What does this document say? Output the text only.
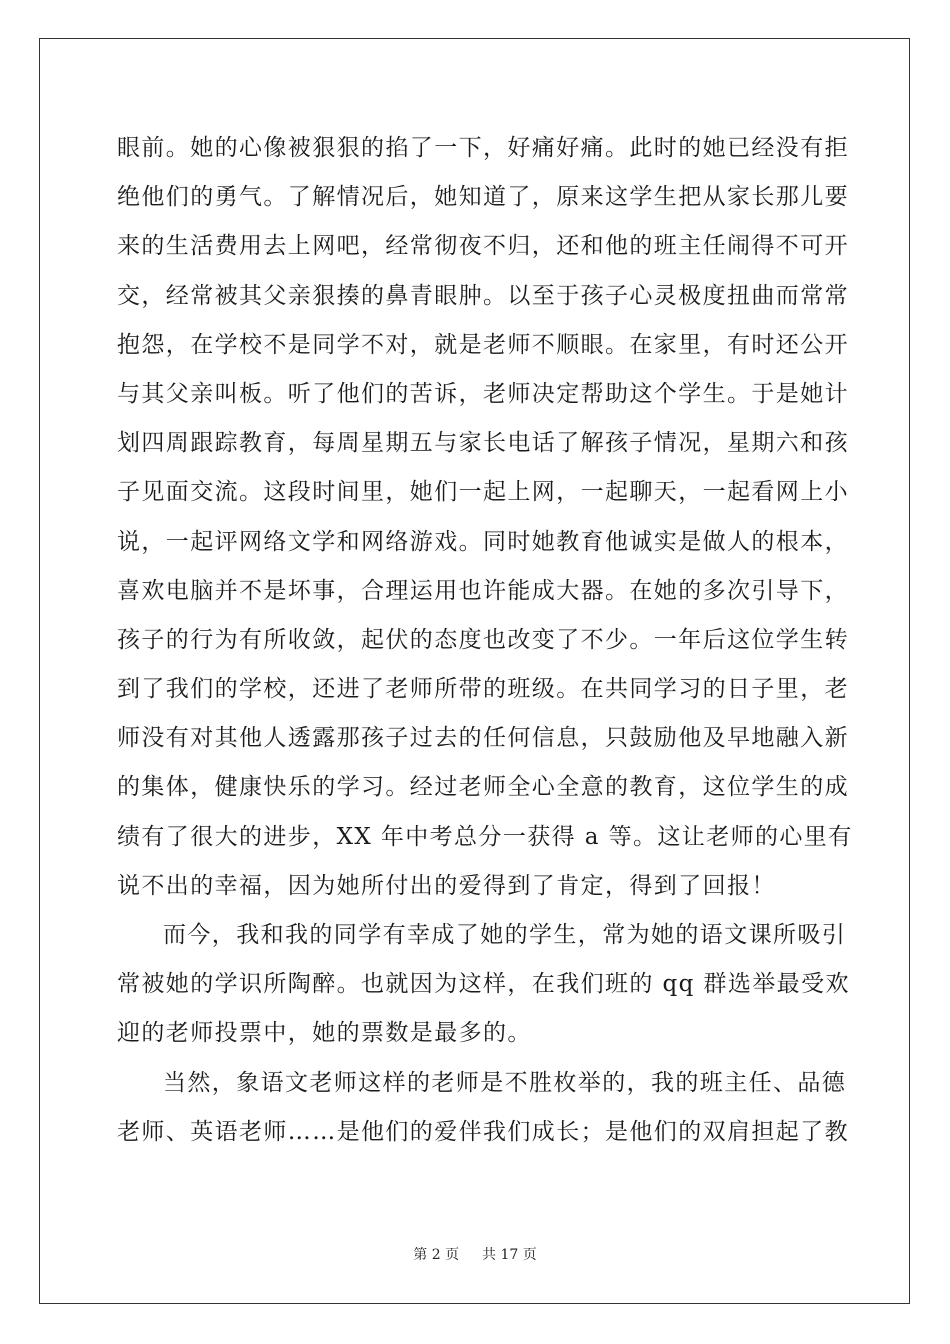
眼前。她的心像被狠狠的掐了一下，好痛好痛。此时的她已经没有拒
绝他们的勇气。了解情况后，她知道了，原来这学生把从家长那儿要
来的生活费用去上网吧，经常彻夜不归，还和他的班主任闹得不可开
交，经常被其父亲狠揍的鼻青眼肿。以至于孩子心灵极度扭曲而常常
抱怨，在学校不是同学不对，就是老师不顺眼。在家里，有时还公开
与其父亲叫板。听了他们的苦诉，老师决定帮助这个学生。于是她计
划四周跟踪教育，每周星期五与家长电话了解孩子情况，星期六和孩
子见面交流。这段时间里，她们一起上网，一起聊天，一起看网上小
说，一起评网络文学和网络游戏。同时她教育他诚实是做人的根本，
喜欢电脑并不是坏事，合理运用也许能成大器。在她的多次引导下，
孩子的行为有所收敛，起伏的态度也改变了不少。一年后这位学生转
到了我们的学校，还进了老师所带的班级。在共同学习的日子里，老
师没有对其他人透露那孩子过去的任何信息，只鼓励他及早地融入新
的集体，健康快乐的学习。经过老师全心全意的教育，这位学生的成
绩有了很大的进步，XX 年中考总分一获得 a 等。这让老师的心里有
说不出的幸福，因为她所付出的爱得到了肯定，得到了回报！
而今，我和我的同学有幸成了她的学生，常为她的语文课所吸引
常被她的学识所陶醉。也就因为这样，在我们班的 qq 群选举最受欢
迎的老师投票中，她的票数是最多的。
当然，象语文老师这样的老师是不胜枚举的，我的班主任、品德
老师、英语老师……是他们的爱伴我们成长；是他们的双肩担起了教
第 2 页 共 17 页
